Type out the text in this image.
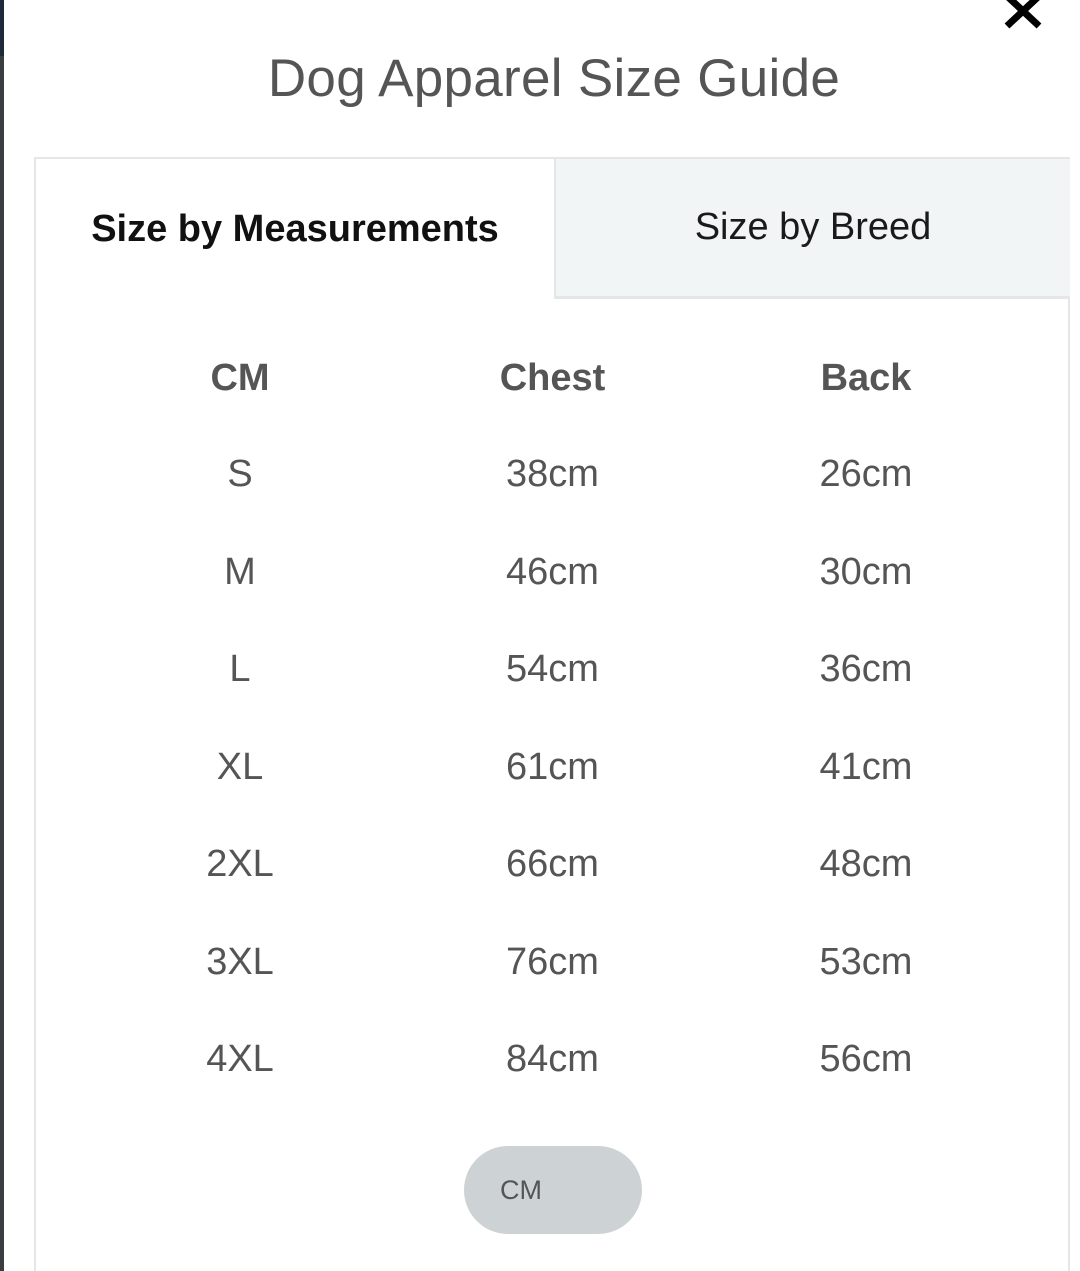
Dog Apparel Size Guide
Size by Measurements	Size by Breed
CM	Chest	Back
S	38cm	26cm
M	46cm	30cm
L	54cm	36cm
XL	61cm	41cm
2XL	66cm	48cm
3XL	76cm	53cm
4XL	84cm	56cm
CM
